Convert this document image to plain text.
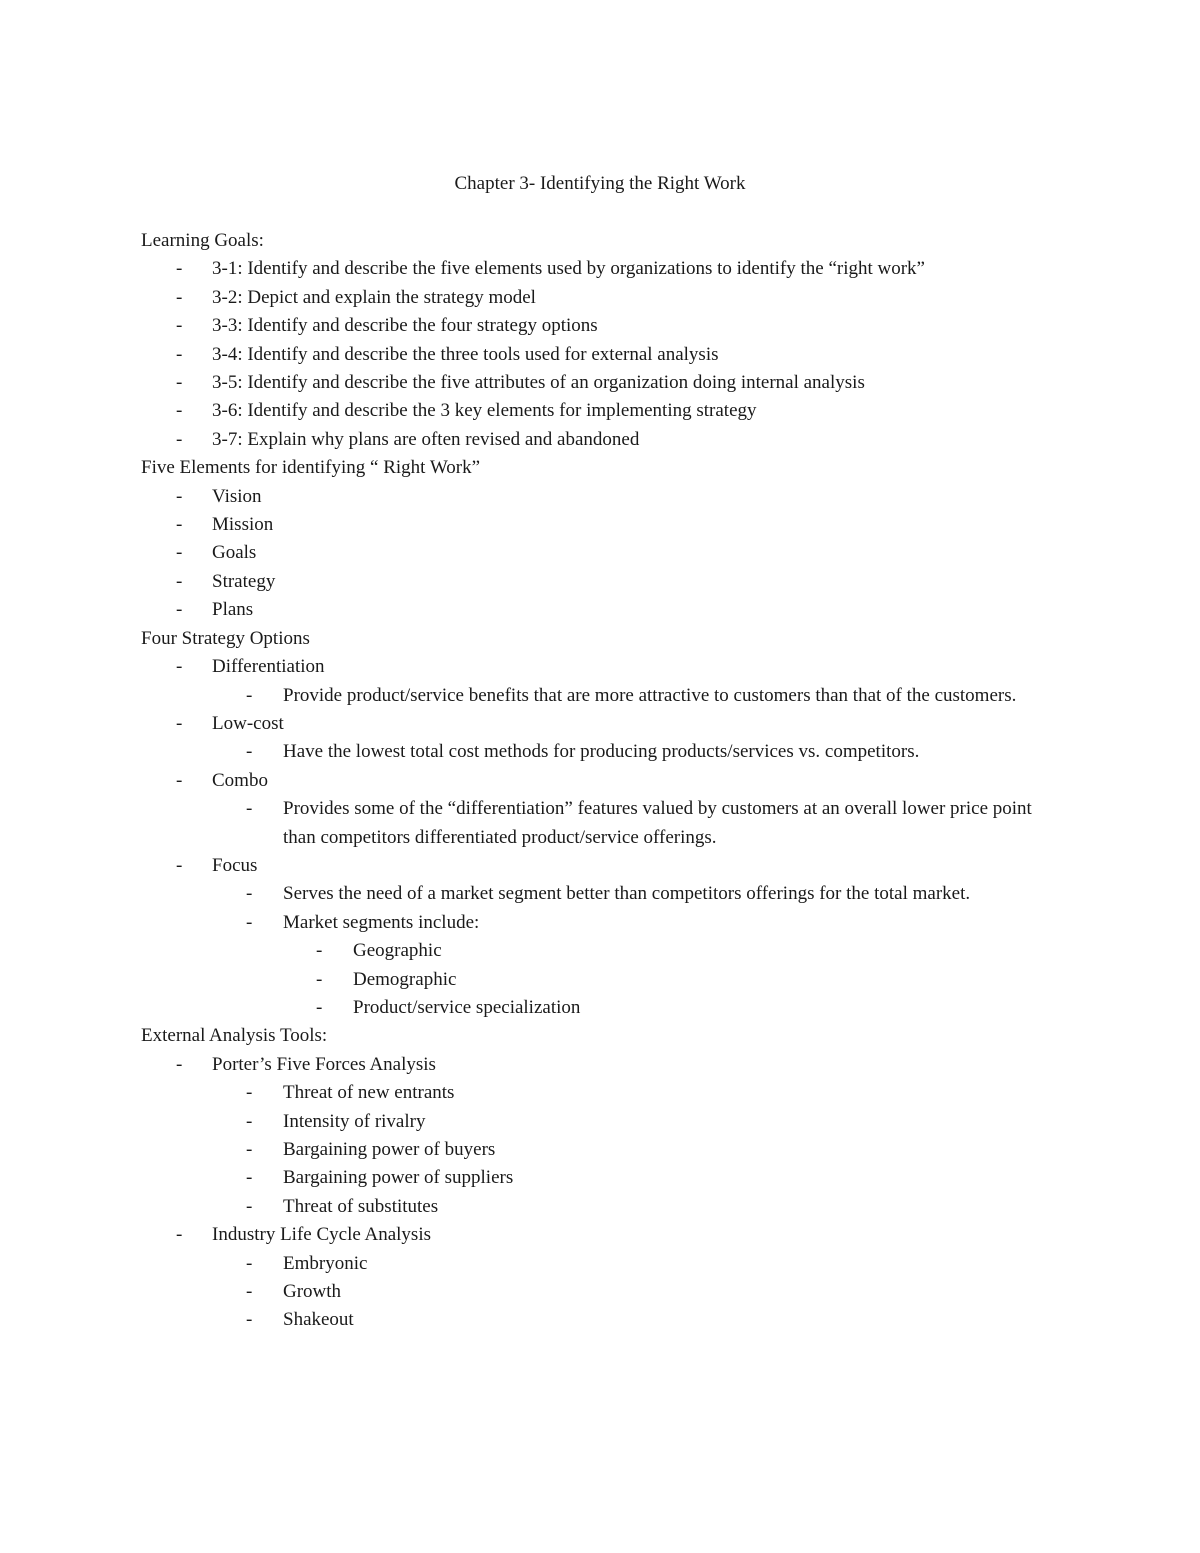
Chapter 3- Identifying the Right Work
Learning Goals:
- 3-1: Identify and describe the five elements used by organizations to identify the “right work”
- 3-2: Depict and explain the strategy model
- 3-3: Identify and describe the four strategy options
- 3-4: Identify and describe the three tools used for external analysis
- 3-5: Identify and describe the five attributes of an organization doing internal analysis
- 3-6: Identify and describe the 3 key elements for implementing strategy
- 3-7: Explain why plans are often revised and abandoned
Five Elements for identifying “ Right Work”
- Vision
- Mission
- Goals
- Strategy
- Plans
Four Strategy Options
- Differentiation
- Provide product/service benefits that are more attractive to customers than that of the customers.
- Low-cost
- Have the lowest total cost methods for producing products/services vs. competitors.
- Combo
- Provides some of the “differentiation” features valued by customers at an overall lower price point than competitors differentiated product/service offerings.
- Focus
- Serves the need of a market segment better than competitors offerings for the total market.
- Market segments include:
- Geographic
- Demographic
- Product/service specialization
External Analysis Tools:
- Porter’s Five Forces Analysis
- Threat of new entrants
- Intensity of rivalry
- Bargaining power of buyers
- Bargaining power of suppliers
- Threat of substitutes
- Industry Life Cycle Analysis
- Embryonic
- Growth
- Shakeout
